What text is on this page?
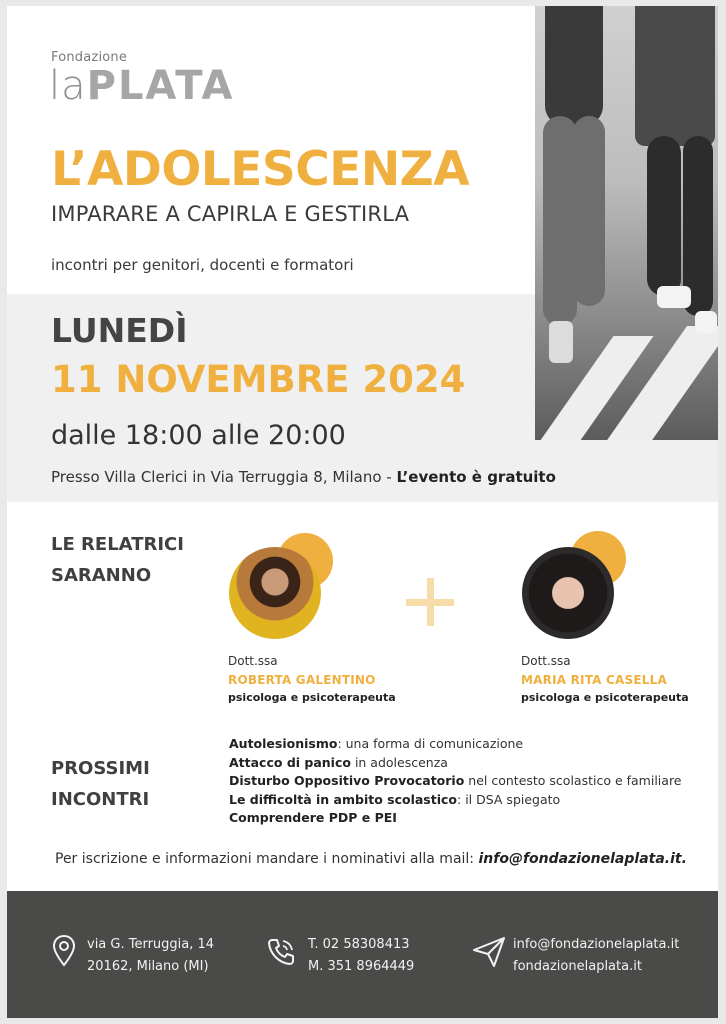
Fondazione
laPLATA
L’ADOLESCENZA
IMPARARE A CAPIRLA E GESTIRLA
incontri per genitori, docenti e formatori
LUNEDÌ
11 NOVEMBRE 2024
dalle 18:00 alle 20:00
Presso Villa Clerici in Via Terruggia 8, Milano - L’evento è gratuito
LE RELATRICI
SARANNO
Dott.ssa
ROBERTA GALENTINO
psicologa e psicoterapeuta
Dott.ssa
MARIA RITA CASELLA
psicologa e psicoterapeuta
PROSSIMI
INCONTRI
Autolesionismo: una forma di comunicazione
Attacco di panico in adolescenza
Disturbo Oppositivo Provocatorio nel contesto scolastico e familiare
Le difficoltà in ambito scolastico: il DSA spiegato
Comprendere PDP e PEI
Per iscrizione e informazioni mandare i nominativi alla mail: info@fondazionelaplata.it.
via G. Terruggia, 14
20162, Milano (MI)
T. 02 58308413
M. 351 8964449
info@fondazionelaplata.it
fondazionelaplata.it
